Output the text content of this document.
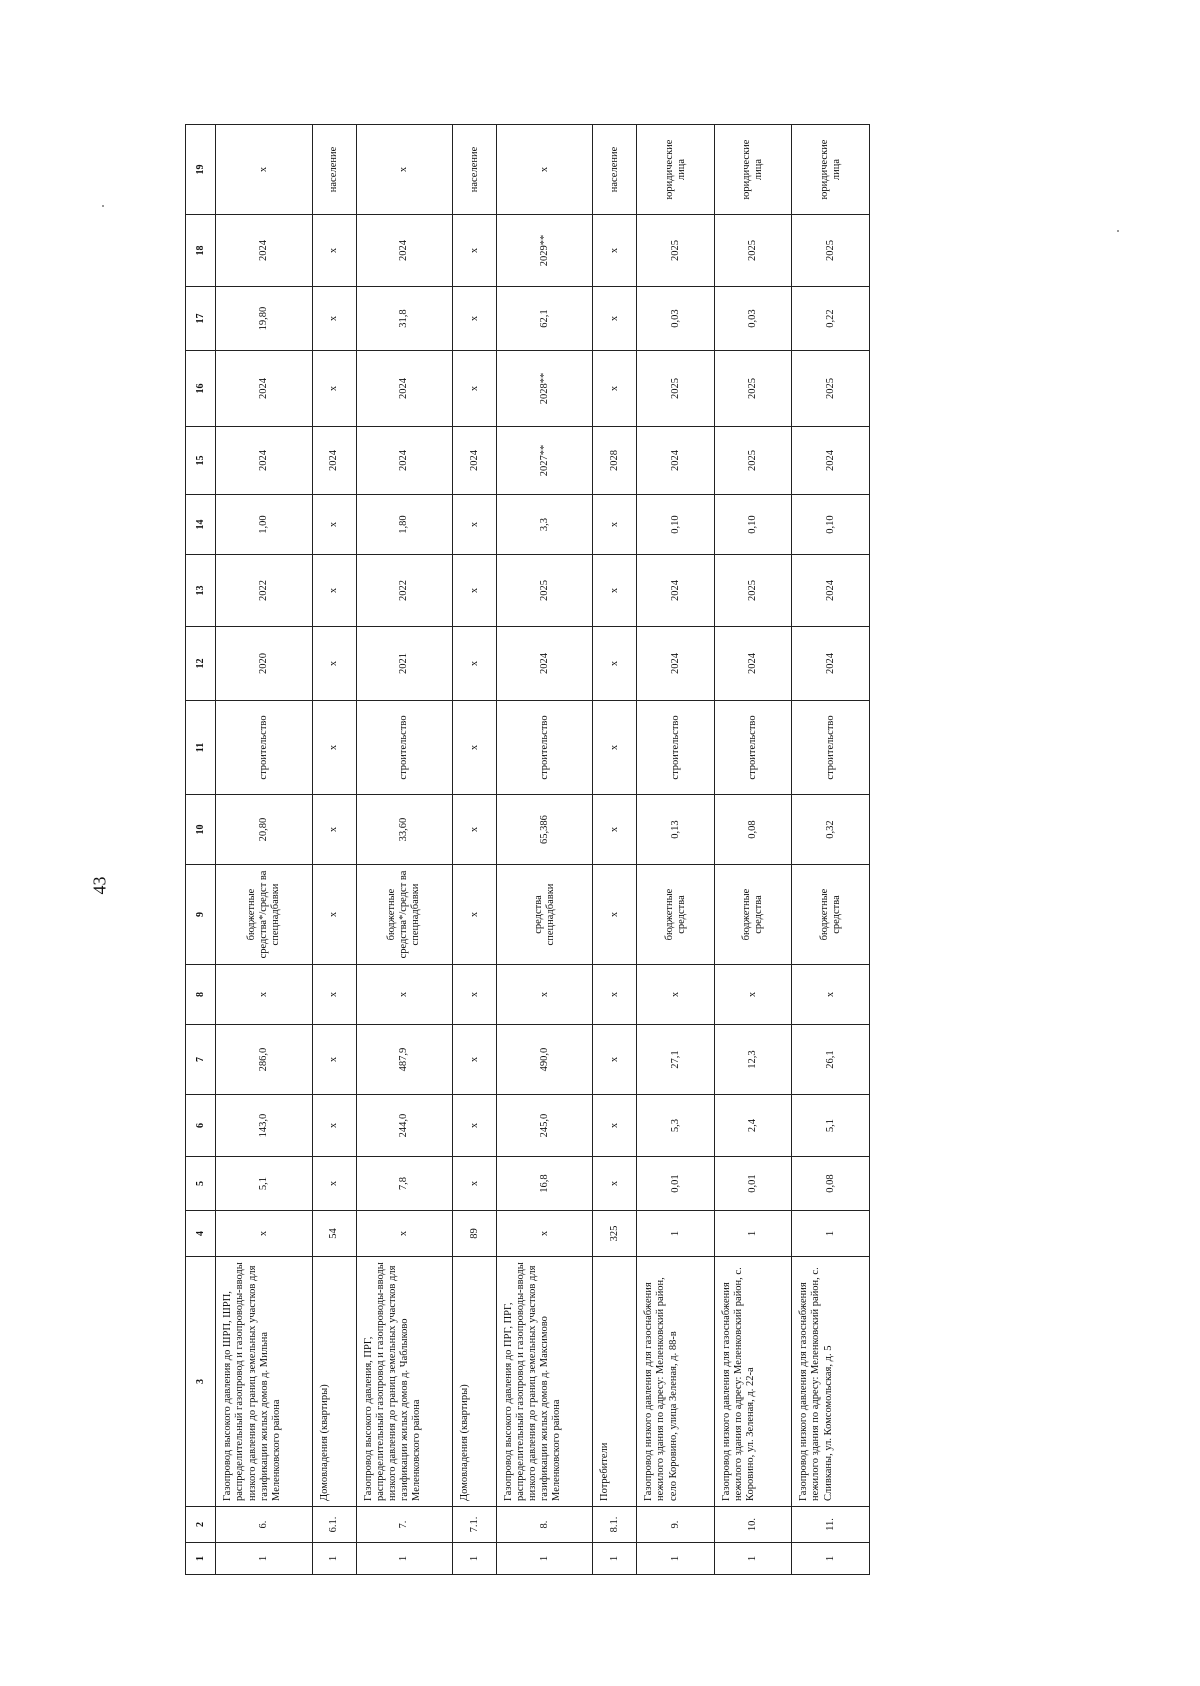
43
1	2	3	4	5	6	7	8	9	10	11	12	13	14	15	16	17	18	19
1	6.	Газопровод высокого давления до ШРП, ШРП, распределительный газопровод и газопроводы-вводы низкого давления до границ земельных участков для газификации жилых домов д. Мильна Меленковского района	x	5,1	143,0	286,0	x	бюджетные средства*/средст ва спецнадбавки	20,80	строительство	2020	2022	1,00	2024	2024	19,80	2024	x
1	6.1.	Домовладения (квартиры)	54	x	x	x	x	x	x	x	x	x	x	2024	x	x	x	население
1	7.	Газопровод высокого давления, ПРГ, распределительный газопровод и газопроводы-вводы низкого давления до границ земельных участков для газификации жилых домов д. Чаблыково Меленковского района	x	7,8	244,0	487,9	x	бюджетные средства*/средст ва спецнадбавки	33,60	строительство	2021	2022	1,80	2024	2024	31,8	2024	x
1	7.1.	Домовладения (квартиры)	89	x	x	x	x	x	x	x	x	x	x	2024	x	x	x	население
1	8.	Газопровод высокого давления до ПРГ, ПРГ, распределительный газопровод и газопроводы-вводы низкого давления до границ земельных участков для газификации жилых домов д. Максимово Меленковского района	x	16,8	245,0	490,0	x	средства спецнадбавки	65,386	строительство	2024	2025	3,3	2027**	2028**	62,1	2029**	x
1	8.1.	Потребители	325	x	x	x	x	x	x	x	x	x	x	2028	x	x	x	население
1	9.	Газопровод низкого давления для газоснабжения нежилого здания по адресу: Меленковский район, село Коровино, улица Зеленая, д. 88-в	1	0,01	5,3	27,1	x	бюджетные средства	0,13	строительство	2024	2024	0,10	2024	2025	0,03	2025	юридические лица
1	10.	Газопровод низкого давления для газоснабжения нежилого здания по адресу: Меленковский район, с. Коровино, ул. Зеленая, д. 22-а	1	0,01	2,4	12,3	x	бюджетные средства	0,08	строительство	2024	2025	0,10	2025	2025	0,03	2025	юридические лица
1	11.	Газопровод низкого давления для газоснабжения нежилого здания по адресу: Меленковский район, с. Сливканы, ул. Комсомольская, д. 5	1	0,08	5,1	26,1	x	бюджетные средства	0,32	строительство	2024	2024	0,10	2024	2025	0,22	2025	юридические лица
